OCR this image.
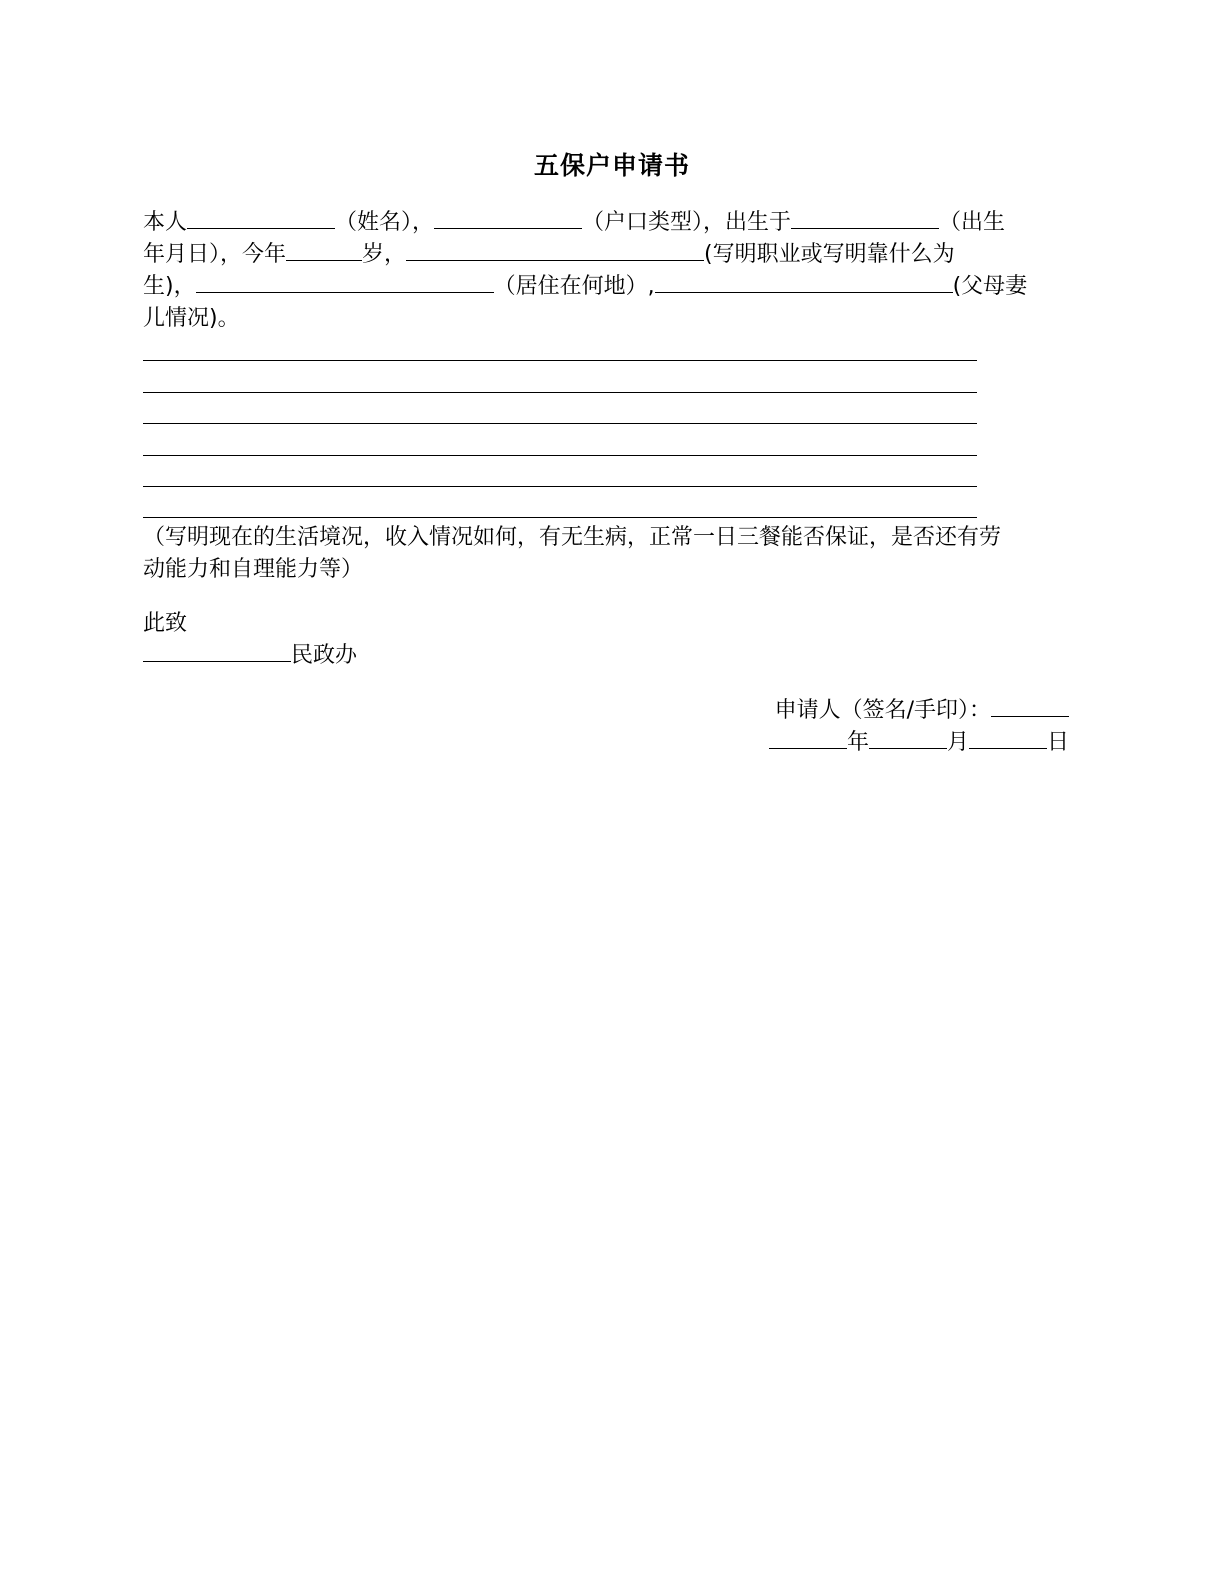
五保户申请书
本人	（姓名），	（户口类型），出生于	（出生
年月日），今年	岁，	(写明职业或写明靠什么为
生)，	（居住在何地）,	(父母妻
儿情况)。
（写明现在的生活境况，收入情况如何，有无生病，正常一日三餐能否保证，是否还有劳
动能力和自理能力等）
此致
民政办
申请人（签名/手印）：
年	月	日
